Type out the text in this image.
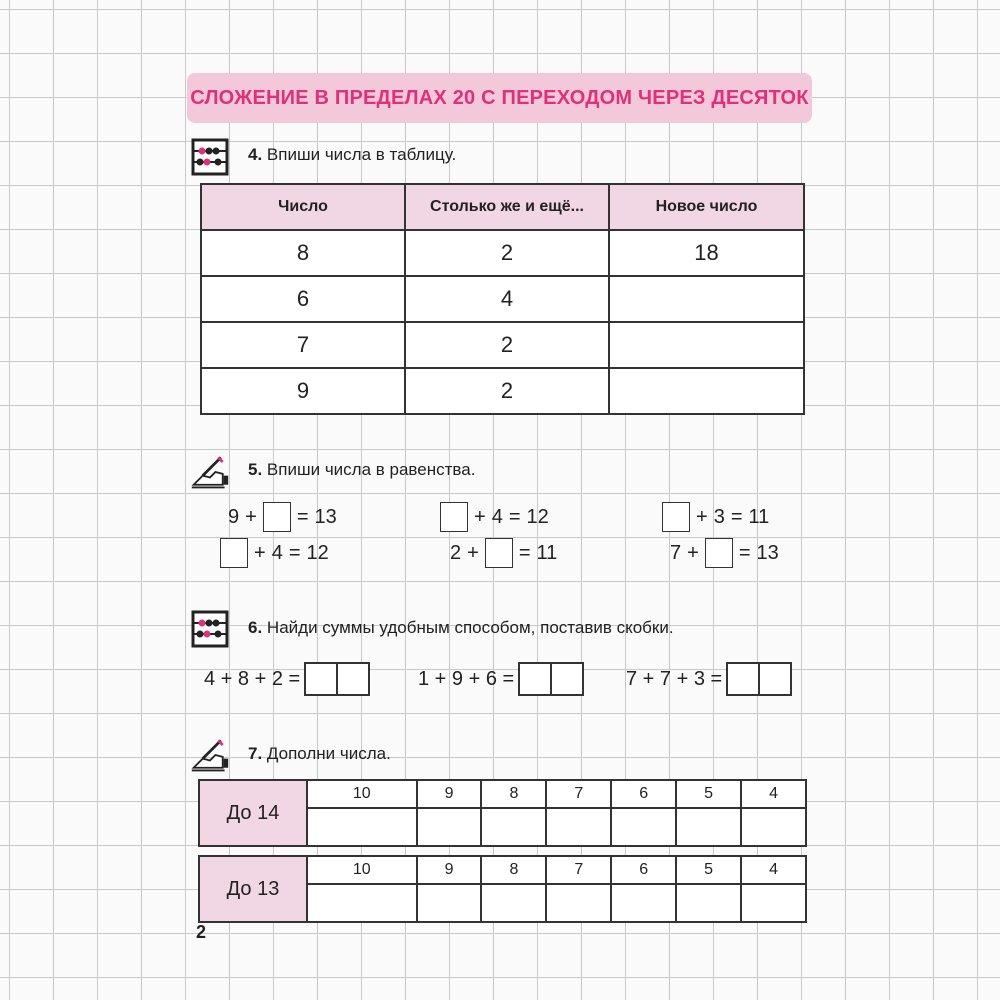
СЛОЖЕНИЕ В ПРЕДЕЛАХ 20 С ПЕРЕХОДОМ ЧЕРЕЗ ДЕСЯТОК
4. Впиши числа в таблицу.
Число	Столько же и ещё...	Новое число
8	2	18
6	4	
7	2	
9	2	
5. Впиши числа в равенства.
9 + = 13	+ 4 = 12	+ 3 = 11
+ 4 = 12	2 + = 11	7 + = 13
6. Найди суммы удобным способом, поставив скобки.
4 + 8 + 2 =	1 + 9 + 6 =	7 + 7 + 3 =
7. Дополни числа.
До 14	10	9	8	7	6	5	4

До 13	10	9	8	7	6	5	4

2
